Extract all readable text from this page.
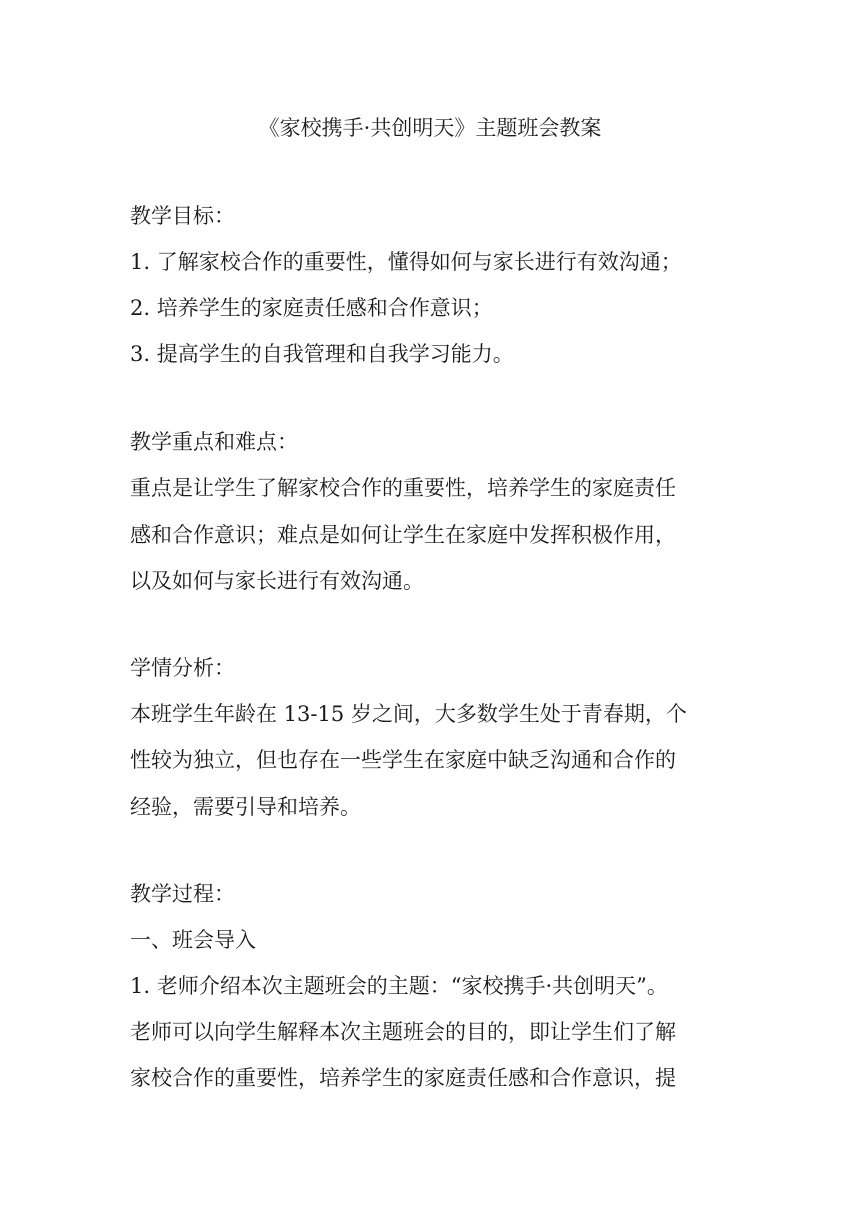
《家校携手·共创明天》主题班会教案
教学目标：
1. 了解家校合作的重要性，懂得如何与家长进行有效沟通；
2. 培养学生的家庭责任感和合作意识；
3. 提高学生的自我管理和自我学习能力。
教学重点和难点：
重点是让学生了解家校合作的重要性，培养学生的家庭责任
感和合作意识；难点是如何让学生在家庭中发挥积极作用，
以及如何与家长进行有效沟通。
学情分析：
本班学生年龄在 13-15 岁之间，大多数学生处于青春期，个
性较为独立，但也存在一些学生在家庭中缺乏沟通和合作的
经验，需要引导和培养。
教学过程：
一、班会导入
1. 老师介绍本次主题班会的主题：“家校携手·共创明天”。
老师可以向学生解释本次主题班会的目的，即让学生们了解
家校合作的重要性，培养学生的家庭责任感和合作意识，提
